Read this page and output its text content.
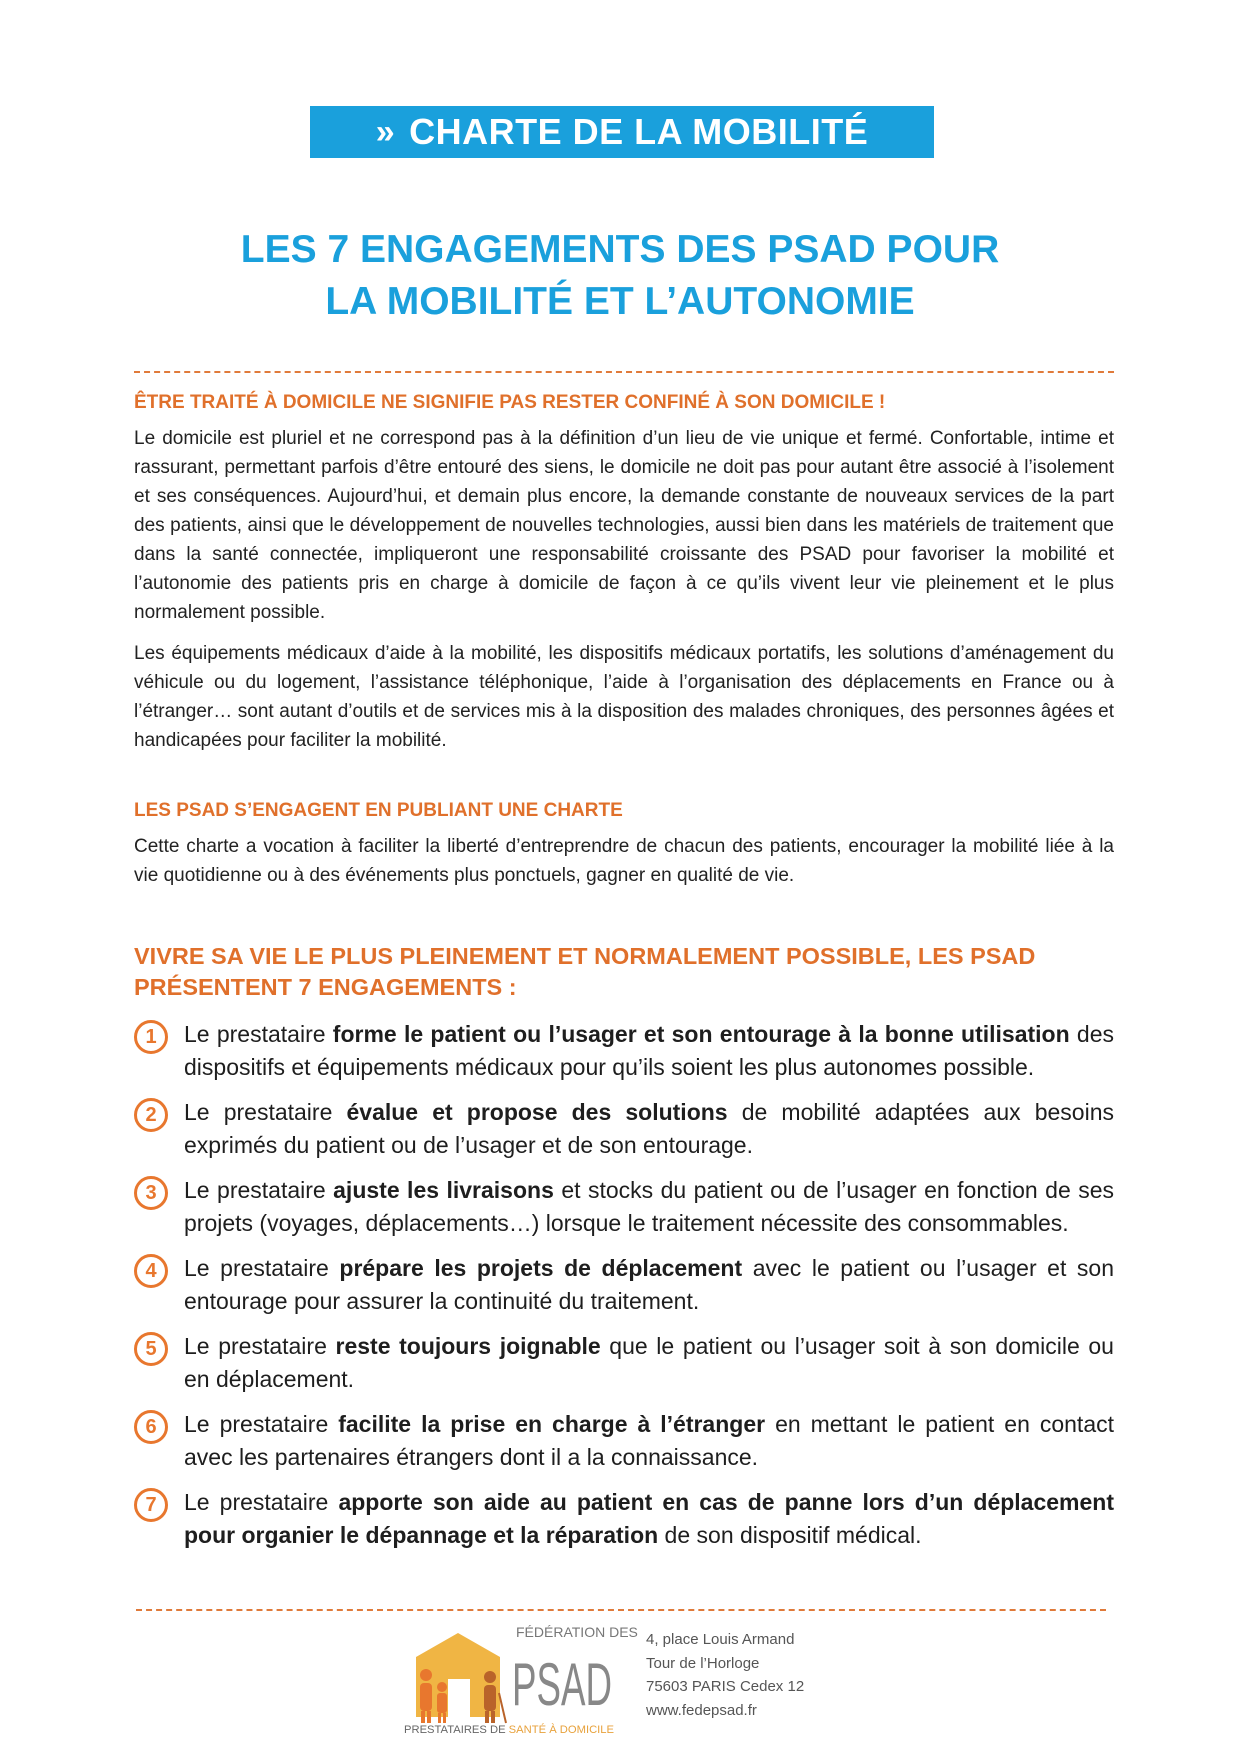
» CHARTE DE LA MOBILITÉ
LES 7 ENGAGEMENTS DES PSAD POUR
LA MOBILITÉ ET L’AUTONOMIE
ÊTRE TRAITÉ À DOMICILE NE SIGNIFIE PAS RESTER CONFINÉ À SON DOMICILE !

Le domicile est pluriel et ne correspond pas à la définition d’un lieu de vie unique et fermé. Confortable, intime et rassurant, permettant parfois d’être entouré des siens, le domicile ne doit pas pour autant être associé à l’isolement et ses conséquences. Aujourd’hui, et demain plus encore, la demande constante de nouveaux services de la part des patients, ainsi que le développement de nouvelles technologies, aussi bien dans les matériels de traitement que dans la santé connectée, impliqueront une responsabilité croissante des PSAD pour favoriser la mobilité et l’autonomie des patients pris en charge à domicile de façon à ce qu’ils vivent leur vie pleinement et le plus normalement possible.

Les équipements médicaux d’aide à la mobilité, les dispositifs médicaux portatifs, les solutions d’aménagement du véhicule ou du logement, l’assistance téléphonique, l’aide à l’organisation des déplacements en France ou à l’étranger… sont autant d’outils et de services mis à la disposition des malades chroniques, des personnes âgées et handicapées pour faciliter la mobilité.

LES PSAD S’ENGAGENT EN PUBLIANT UNE CHARTE

Cette charte a vocation à faciliter la liberté d’entreprendre de chacun des patients, encourager la mobilité liée à la vie quotidienne ou à des événements plus ponctuels, gagner en qualité de vie.

VIVRE SA VIE LE PLUS PLEINEMENT ET NORMALEMENT POSSIBLE, LES PSAD
PRÉSENTENT 7 ENGAGEMENTS :
1	Le prestataire forme le patient ou l’usager et son entourage à la bonne utilisation des dispositifs et équipements médicaux pour qu’ils soient les plus autonomes possible.

2	Le prestataire évalue et propose des solutions de mobilité adaptées aux besoins exprimés du patient ou de l’usager et de son entourage.

3	Le prestataire ajuste les livraisons et stocks du patient ou de l’usager en fonction de ses projets (voyages, déplacements…) lorsque le traitement nécessite des consommables.

4	Le prestataire prépare les projets de déplacement avec le patient ou l’usager et son entourage pour assurer la continuité du traitement.

5	Le prestataire reste toujours joignable que le patient ou l’usager soit à son domicile ou en déplacement.

6	Le prestataire facilite la prise en charge à l’étranger en mettant le patient en contact avec les partenaires étrangers dont il a la connaissance.

7	Le prestataire apporte son aide au patient en cas de panne lors d’un déplacement pour organier le dépannage et la réparation de son dispositif médical.

FÉDÉRATION DES
PSAD
PRESTATAIRES DE SANTÉ À DOMICILE
4, place Louis Armand
Tour de l’Horloge
75603 PARIS Cedex 12
www.fedepsad.fr
